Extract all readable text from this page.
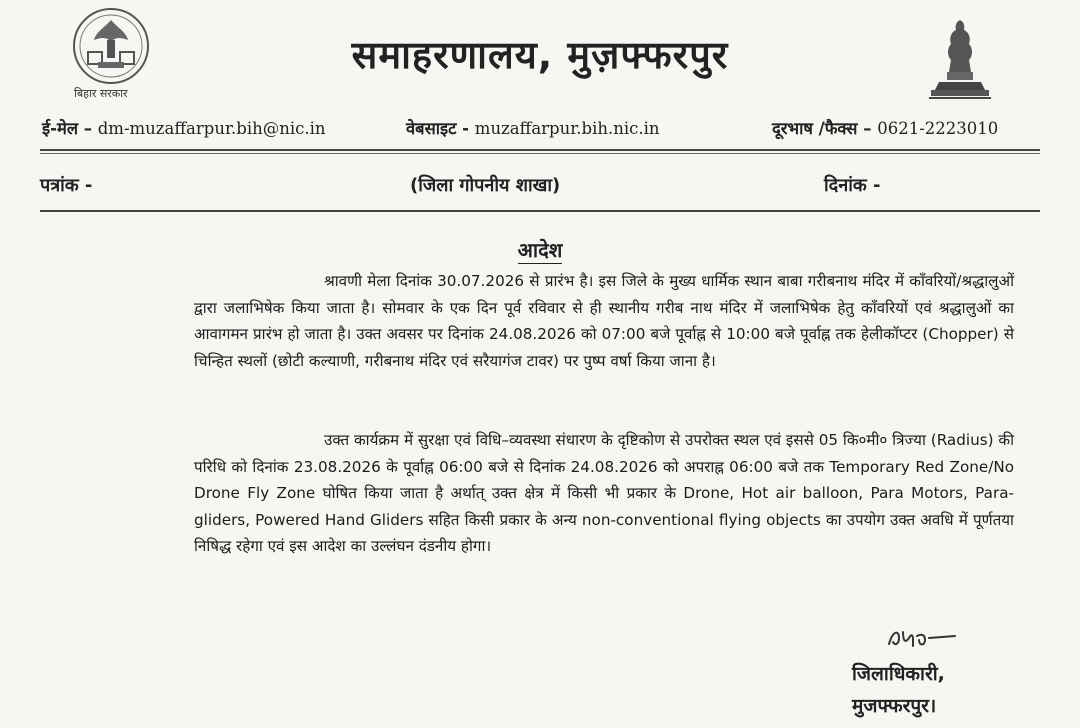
बिहार सरकार
समाहरणालय, मुज़फ्फरपुर
ई-मेल – dm-muzaffarpur.bih@nic.in	वेबसाइट - muzaffarpur.bih.nic.in	दूरभाष /फैक्स – 0621-2223010
पत्रांक -	(जिला गोपनीय शाखा)	दिनांक -
आदेश
श्रावणी मेला दिनांक 30.07.2026 से प्रारंभ है। इस जिले के मुख्य धार्मिक स्थान बाबा गरीबनाथ मंदिर में काँवरियों/श्रद्धालुओं द्वारा जलाभिषेक किया जाता है। सोमवार के एक दिन पूर्व रविवार से ही स्थानीय गरीब नाथ मंदिर में जलाभिषेक हेतु काँवरियों एवं श्रद्धालुओं का आवागमन प्रारंभ हो जाता है। उक्त अवसर पर दिनांक 24.08.2026 को 07:00 बजे पूर्वाह्न से 10:00 बजे पूर्वाह्न तक हेलीकॉप्टर (Chopper) से चिन्हित स्थलों (छोटी कल्याणी, गरीबनाथ मंदिर एवं सरैयागंज टावर) पर पुष्प वर्षा किया जाना है।
उक्त कार्यक्रम में सुरक्षा एवं विधि–व्यवस्था संधारण के दृष्टिकोण से उपरोक्त स्थल एवं इससे 05 कि०मी० त्रिज्या (Radius) की परिधि को दिनांक 23.08.2026 के पूर्वाह्न 06:00 बजे से दिनांक 24.08.2026 को अपराह्न 06:00 बजे तक Temporary Red Zone/No Drone Fly Zone घोषित किया जाता है अर्थात् उक्त क्षेत्र में किसी भी प्रकार के Drone, Hot air balloon, Para Motors, Para-gliders, Powered Hand Gliders सहित किसी प्रकार के अन्य non-conventional flying objects का उपयोग उक्त अवधि में पूर्णतया निषिद्ध रहेगा एवं इस आदेश का उल्लंघन दंडनीय होगा।
जिलाधिकारी,
मुजफ्फरपुर।
